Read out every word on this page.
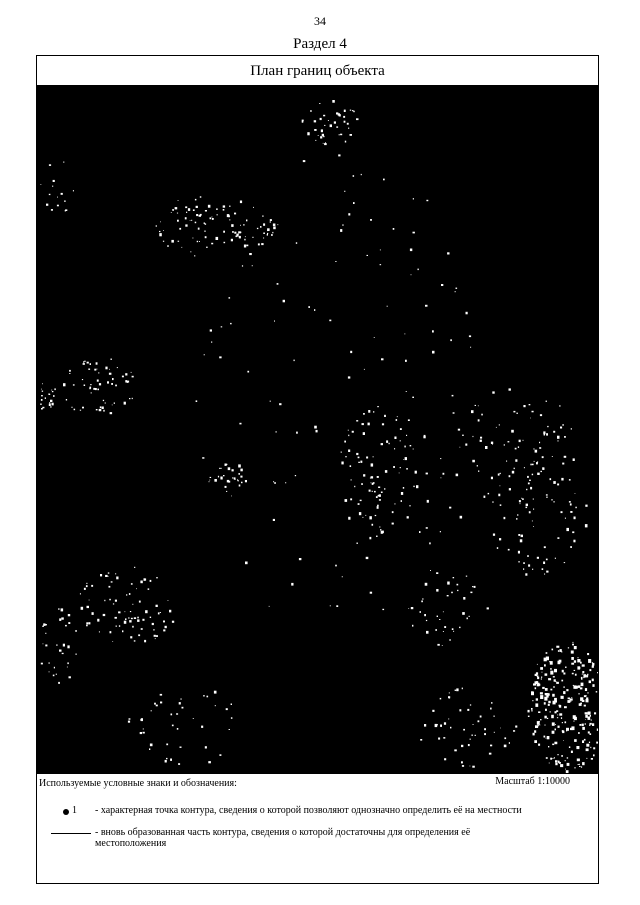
34
Раздел 4
План границ объекта
Используемые условные знаки и обозначения:	Масштаб 1:10000
1 - характерная точка контура, сведения о которой позволяют однозначно определить её на местности
- вновь образованная часть контура, сведения о которой достаточны для определения её местоположения
